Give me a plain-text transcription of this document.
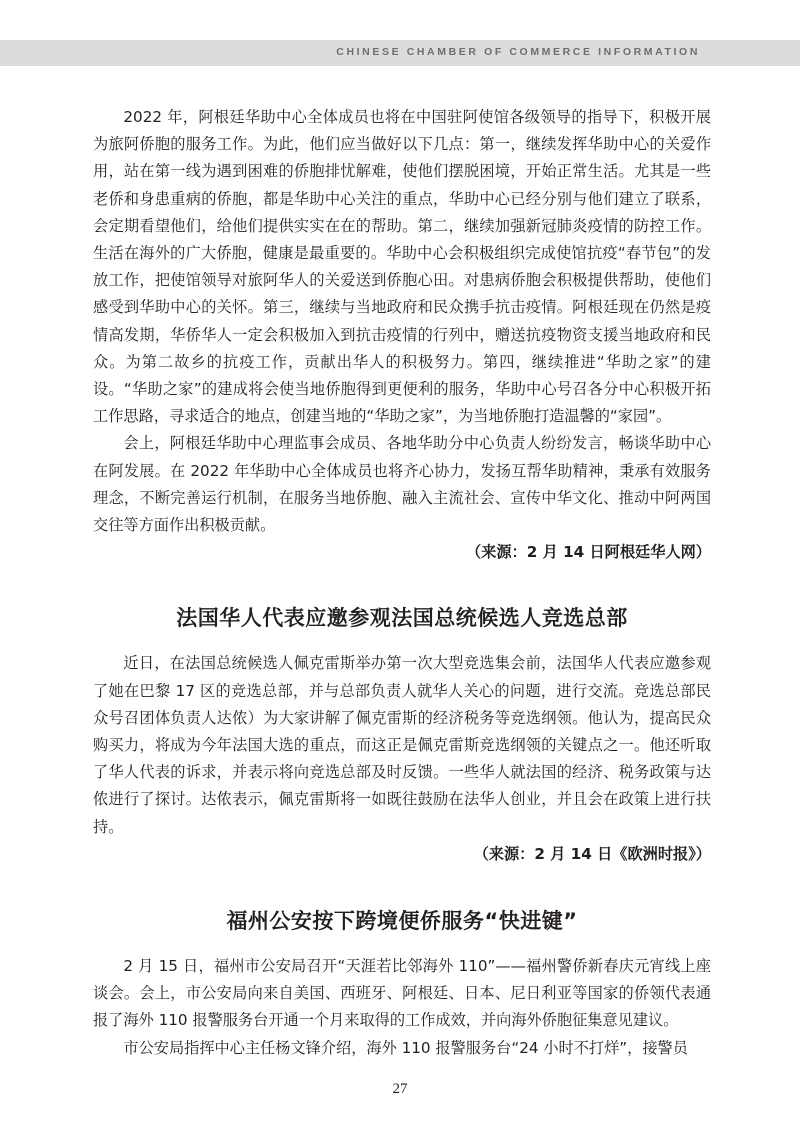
CHINESE CHAMBER OF COMMERCE INFORMATION

2022 年，阿根廷华助中心全体成员也将在中国驻阿使馆各级领导的指导下，积极开展为旅阿侨胞的服务工作。为此，他们应当做好以下几点：第一，继续发挥华助中心的关爱作用，站在第一线为遇到困难的侨胞排忧解难，使他们摆脱困境，开始正常生活。尤其是一些老侨和身患重病的侨胞，都是华助中心关注的重点，华助中心已经分别与他们建立了联系，会定期看望他们，给他们提供实实在在的帮助。第二，继续加强新冠肺炎疫情的防控工作。生活在海外的广大侨胞，健康是最重要的。华助中心会积极组织完成使馆抗疫“春节包”的发放工作，把使馆领导对旅阿华人的关爱送到侨胞心田。对患病侨胞会积极提供帮助，使他们感受到华助中心的关怀。第三，继续与当地政府和民众携手抗击疫情。阿根廷现在仍然是疫情高发期，华侨华人一定会积极加入到抗击疫情的行列中，赠送抗疫物资支援当地政府和民众。为第二故乡的抗疫工作，贡献出华人的积极努力。第四，继续推进“华助之家”的建设。“华助之家”的建成将会使当地侨胞得到更便利的服务，华助中心号召各分中心积极开拓工作思路，寻求适合的地点，创建当地的“华助之家”，为当地侨胞打造温馨的“家园”。

会上，阿根廷华助中心理监事会成员、各地华助分中心负责人纷纷发言，畅谈华助中心在阿发展。在 2022 年华助中心全体成员也将齐心协力，发扬互帮华助精神，秉承有效服务理念，不断完善运行机制，在服务当地侨胞、融入主流社会、宣传中华文化、推动中阿两国交往等方面作出积极贡献。

（来源：2 月 14 日阿根廷华人网）

法国华人代表应邀参观法国总统候选人竞选总部

近日，在法国总统候选人佩克雷斯举办第一次大型竞选集会前，法国华人代表应邀参观了她在巴黎 17 区的竞选总部，并与总部负责人就华人关心的问题，进行交流。竞选总部民众号召团体负责人达侬）为大家讲解了佩克雷斯的经济税务等竞选纲领。他认为，提高民众购买力，将成为今年法国大选的重点，而这正是佩克雷斯竞选纲领的关键点之一。他还听取了华人代表的诉求，并表示将向竞选总部及时反馈。一些华人就法国的经济、税务政策与达侬进行了探讨。达侬表示，佩克雷斯将一如既往鼓励在法华人创业，并且会在政策上进行扶持。

（来源：2 月 14 日《欧洲时报》）

福州公安按下跨境便侨服务“快进键”

2 月 15 日，福州市公安局召开“天涯若比邻海外 110”——福州警侨新春庆元宵线上座谈会。会上，市公安局向来自美国、西班牙、阿根廷、日本、尼日利亚等国家的侨领代表通报了海外 110 报警服务台开通一个月来取得的工作成效，并向海外侨胞征集意见建议。

市公安局指挥中心主任杨文锋介绍，海外 110 报警服务台“24 小时不打烊”，接警员

27
